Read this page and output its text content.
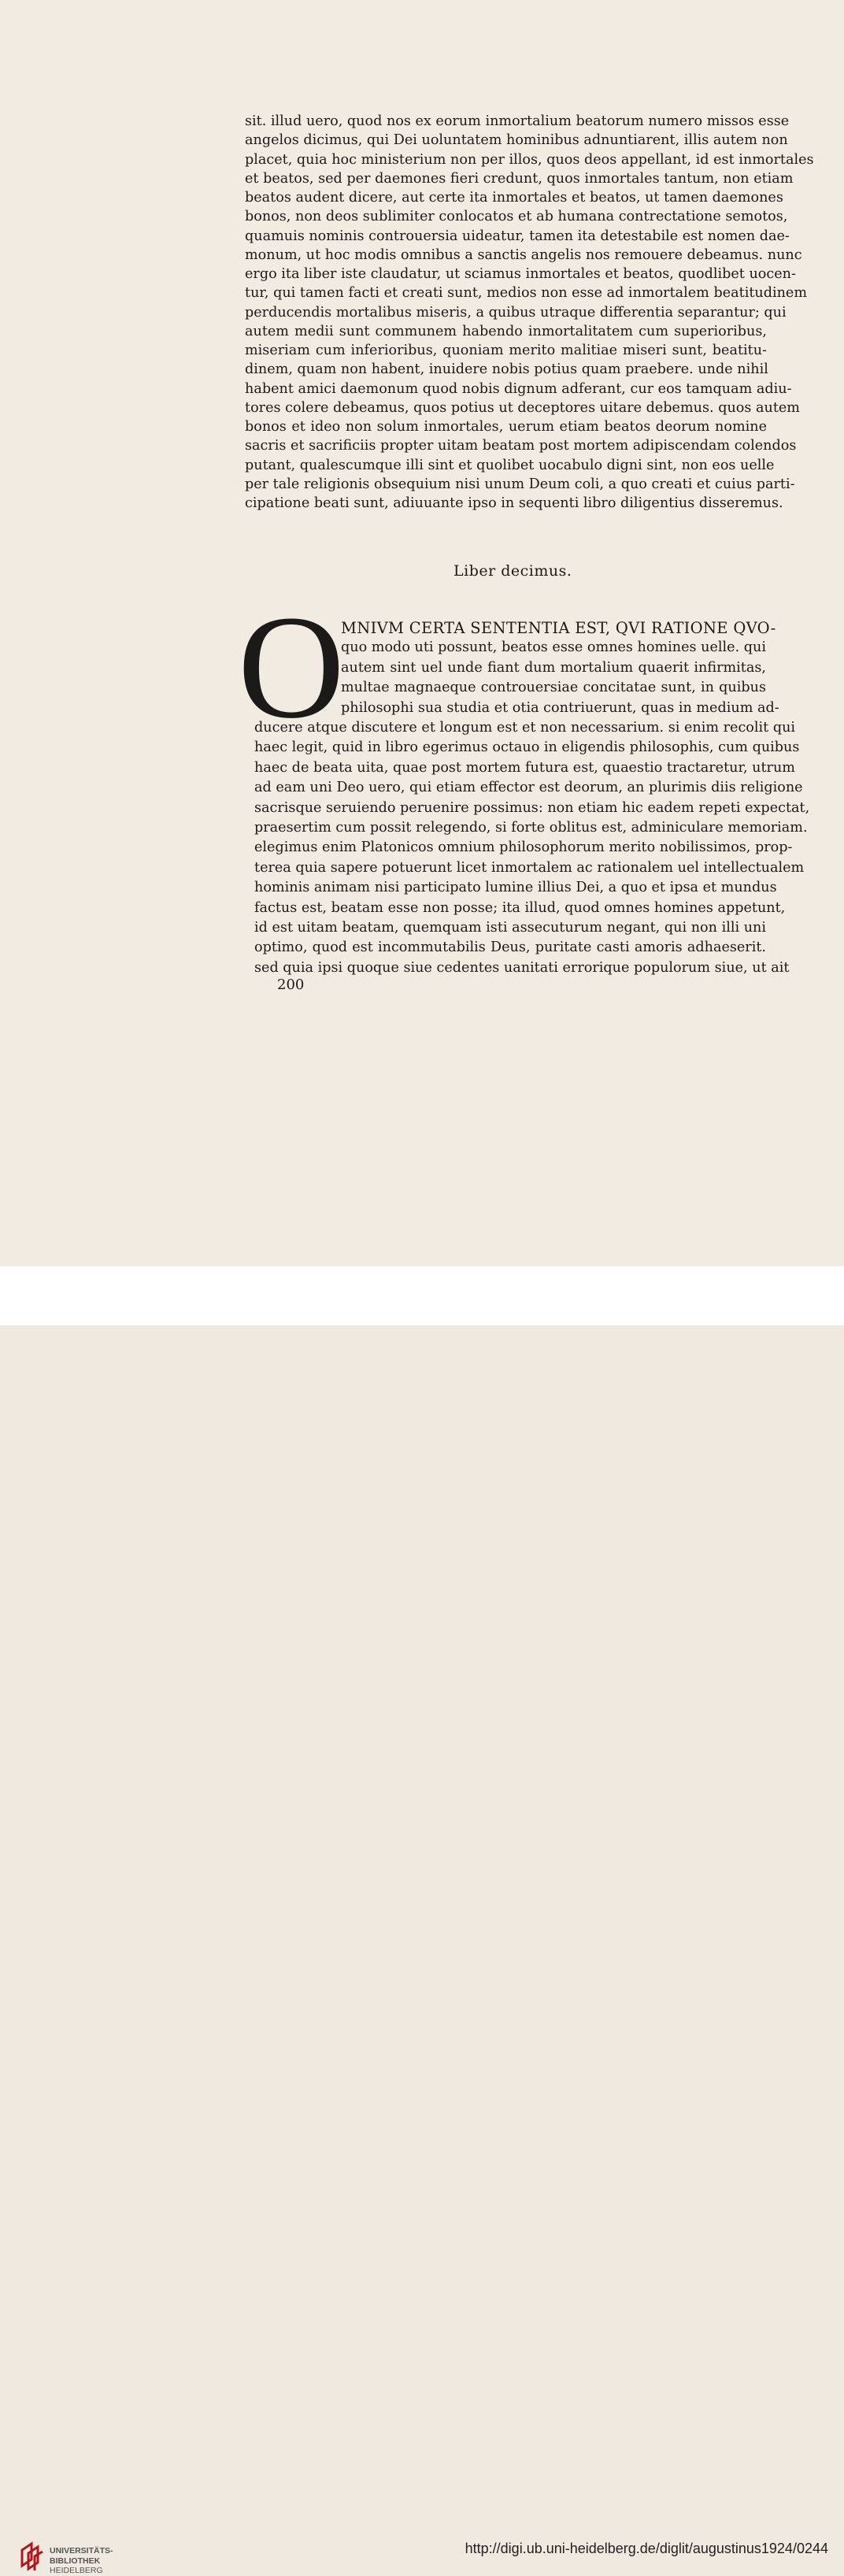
sit. illud uero, quod nos ex eorum inmortalium beatorum numero missos esse
angelos dicimus, qui Dei uoluntatem hominibus adnuntiarent, illis autem non
placet, quia hoc ministerium non per illos, quos deos appellant, id est inmortales
et beatos, sed per daemones fieri credunt, quos inmortales tantum, non etiam
beatos audent dicere, aut certe ita inmortales et beatos, ut tamen daemones
bonos, non deos sublimiter conlocatos et ab humana contrectatione semotos,
quamuis nominis controuersia uideatur, tamen ita detestabile est nomen dae-
monum, ut hoc modis omnibus a sanctis angelis nos remouere debeamus. nunc
ergo ita liber iste claudatur, ut sciamus inmortales et beatos, quodlibet uocen-
tur, qui tamen facti et creati sunt, medios non esse ad inmortalem beatitudinem
perducendis mortalibus miseris, a quibus utraque differentia separantur; qui
autem medii sunt communem habendo inmortalitatem cum superioribus,
miseriam cum inferioribus, quoniam merito malitiae miseri sunt, beatitu-
dinem, quam non habent, inuidere nobis potius quam praebere. unde nihil
habent amici daemonum quod nobis dignum adferant, cur eos tamquam adiu-
tores colere debeamus, quos potius ut deceptores uitare debemus. quos autem
bonos et ideo non solum inmortales, uerum etiam beatos deorum nomine
sacris et sacrificiis propter uitam beatam post mortem adipiscendam colendos
putant, qualescumque illi sint et quolibet uocabulo digni sint, non eos uelle
per tale religionis obsequium nisi unum Deum coli, a quo creati et cuius parti-
cipatione beati sunt, adiuuante ipso in sequenti libro diligentius disseremus.
Liber decimus.
O
MNIVM CERTA SENTENTIA EST, QVI RATIONE QVO-
quo modo uti possunt, beatos esse omnes homines uelle. qui
autem sint uel unde fiant dum mortalium quaerit infirmitas,
multae magnaeque controuersiae concitatae sunt, in quibus
philosophi sua studia et otia contriuerunt, quas in medium ad-
ducere atque discutere et longum est et non necessarium. si enim recolit qui
haec legit, quid in libro egerimus octauo in eligendis philosophis, cum quibus
haec de beata uita, quae post mortem futura est, quaestio tractaretur, utrum
ad eam uni Deo uero, qui etiam effector est deorum, an plurimis diis religione
sacrisque seruiendo peruenire possimus: non etiam hic eadem repeti expectat,
praesertim cum possit relegendo, si forte oblitus est, adminiculare memoriam.
elegimus enim Platonicos omnium philosophorum merito nobilissimos, prop-
terea quia sapere potuerunt licet inmortalem ac rationalem uel intellectualem
hominis animam nisi participato lumine illius Dei, a quo et ipsa et mundus
factus est, beatam esse non posse; ita illud, quod omnes homines appetunt,
id est uitam beatam, quemquam isti assecuturum negant, qui non illi uni
optimo, quod est incommutabilis Deus, puritate casti amoris adhaeserit.
sed quia ipsi quoque siue cedentes uanitati errorique populorum siue, ut ait
200
UNIVERSITÄTS-
BIBLIOTHEK
HEIDELBERG
http://digi.ub.uni-heidelberg.de/diglit/augustinus1924/0244
